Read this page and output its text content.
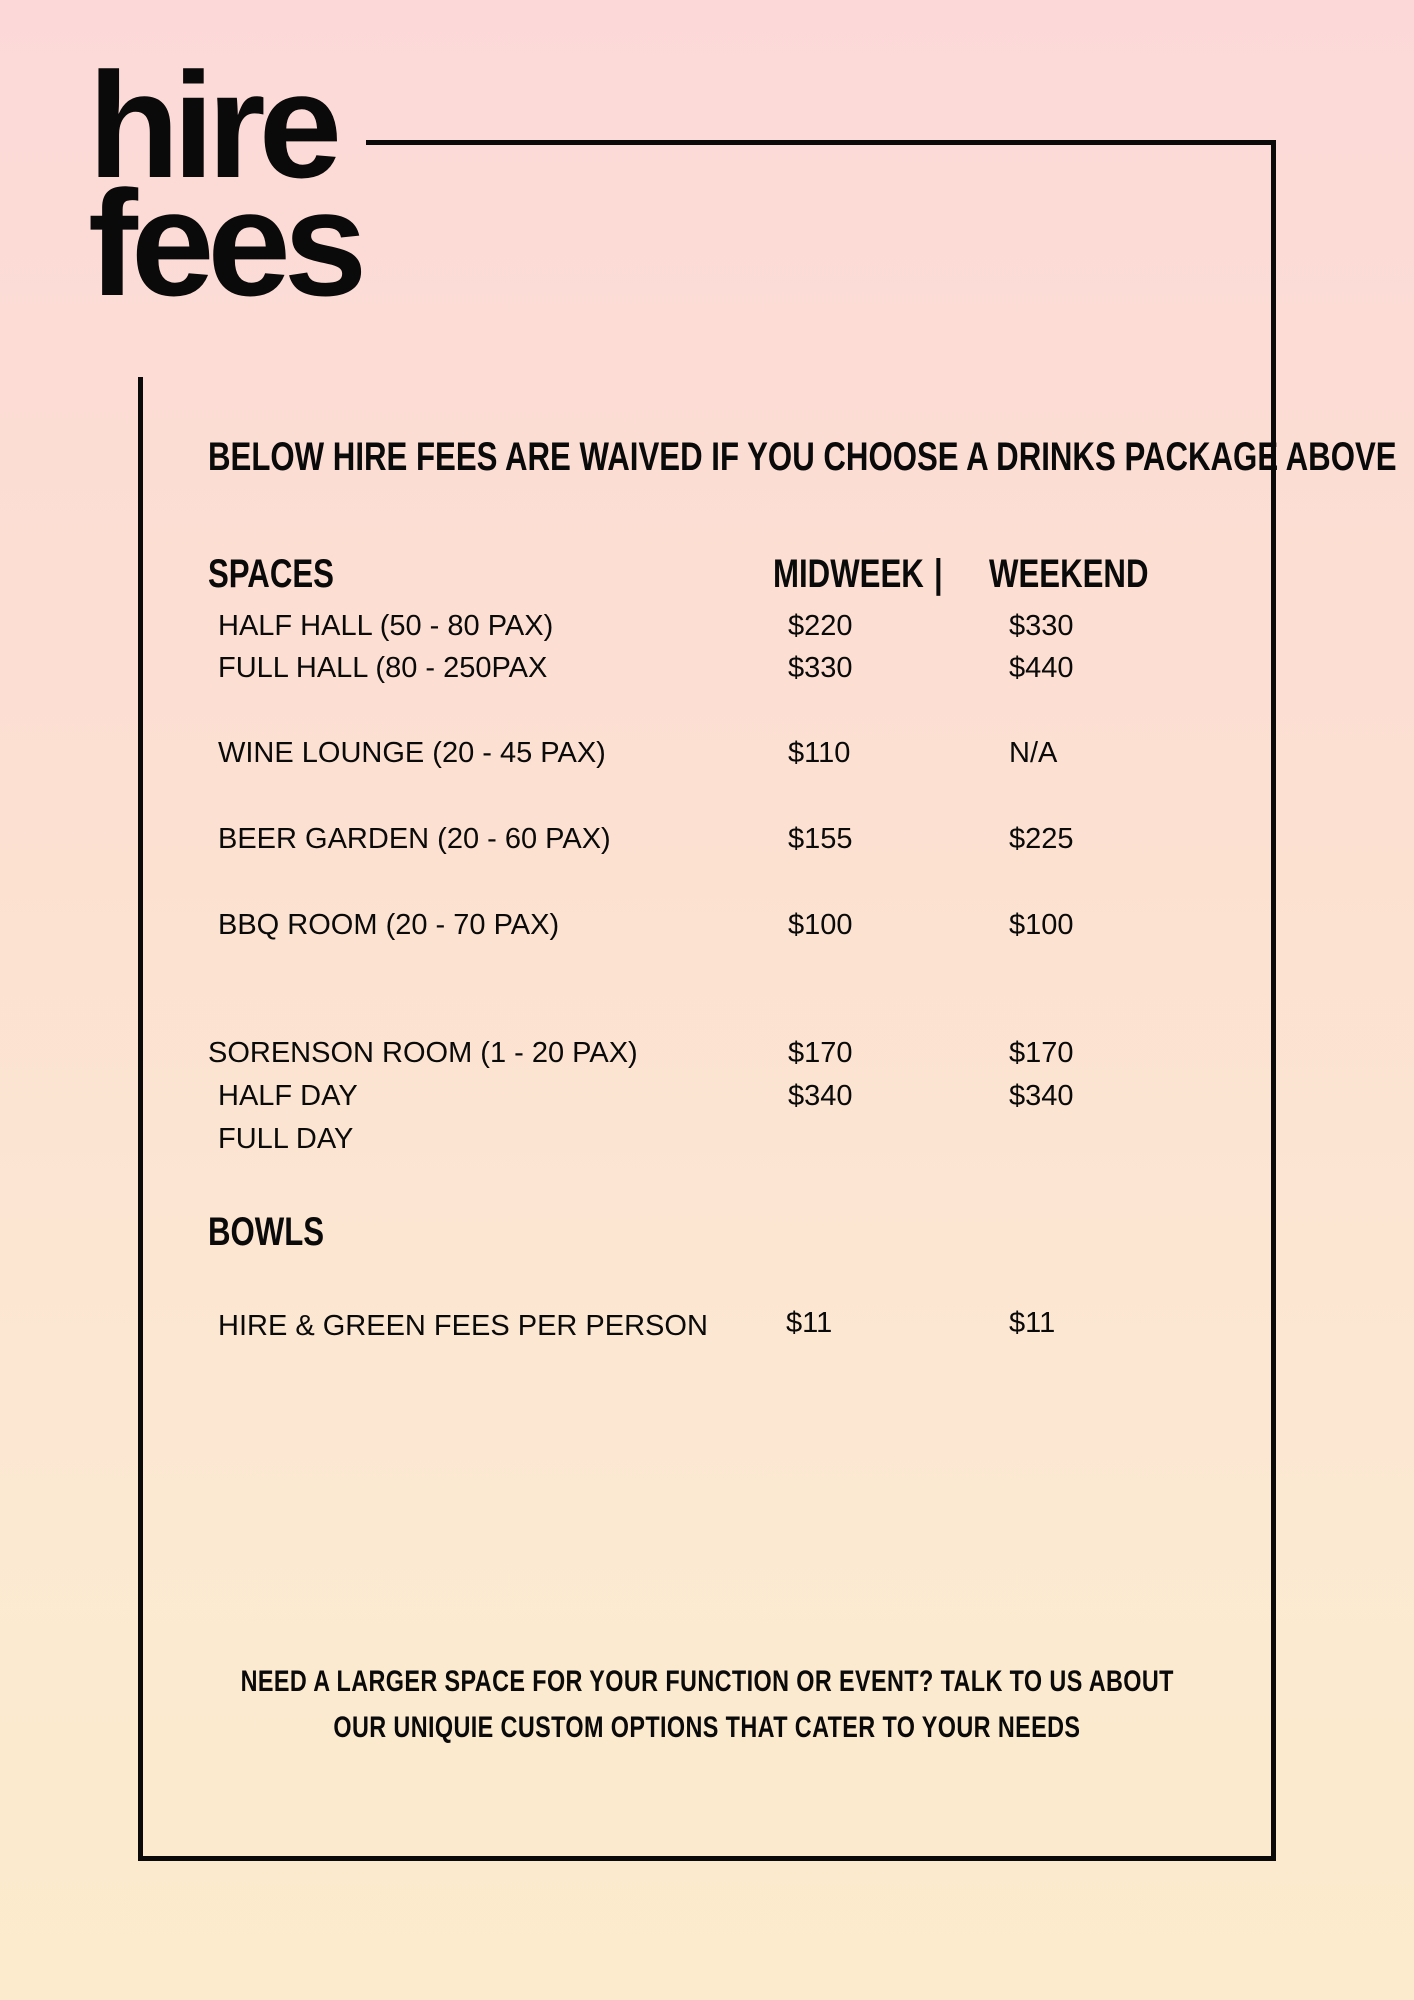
hire
fees
BELOW HIRE FEES ARE WAIVED IF YOU CHOOSE A DRINKS PACKAGE ABOVE
SPACES	MIDWEEK | WEEKEND
HALF HALL (50 - 80 PAX)	$220	$330
FULL HALL (80 - 250PAX	$330	$440
WINE LOUNGE (20 - 45 PAX)	$110	N/A
BEER GARDEN (20 - 60 PAX)	$155	$225
BBQ ROOM (20 - 70 PAX)	$100	$100
SORENSON ROOM (1 - 20 PAX)	$170	$170
HALF DAY	$340	$340
FULL DAY
BOWLS
HIRE & GREEN FEES PER PERSON	$11	$11
NEED A LARGER SPACE FOR YOUR FUNCTION OR EVENT? TALK TO US ABOUT
OUR UNIQUIE CUSTOM OPTIONS THAT CATER TO YOUR NEEDS
